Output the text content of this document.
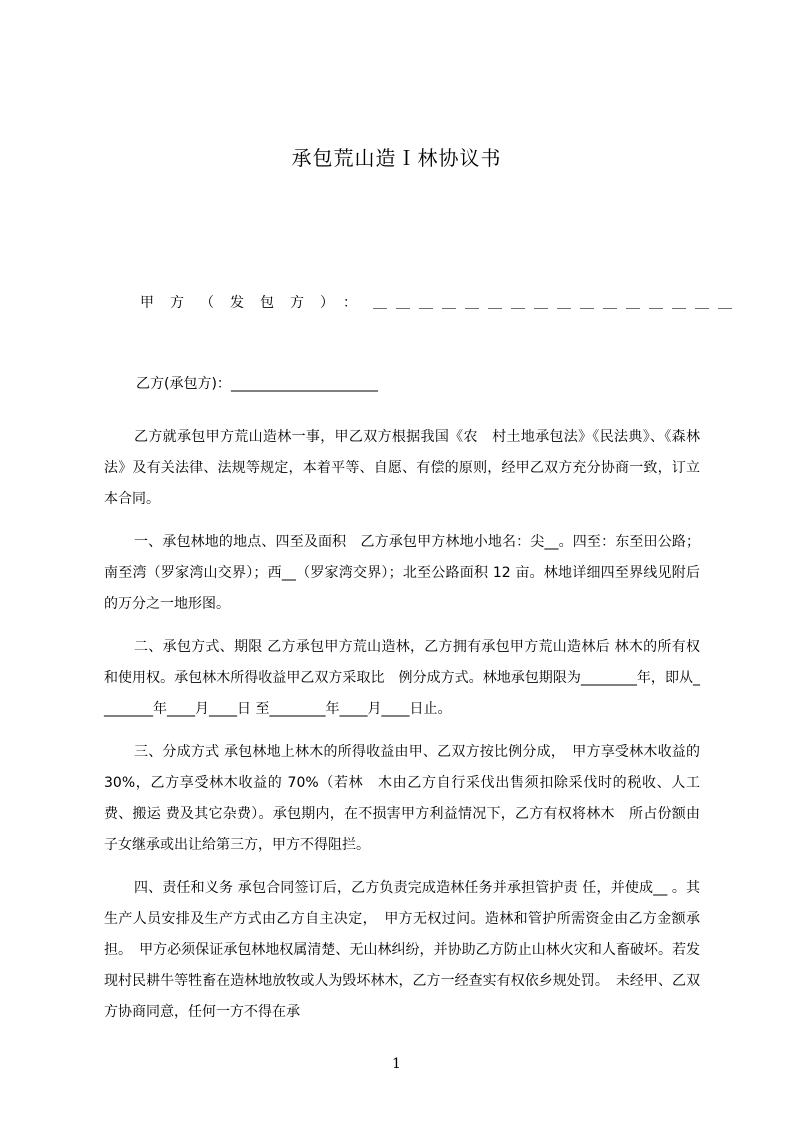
承包荒山造Ｉ林协议书
甲方（发包方）：＿＿＿＿＿＿＿＿＿＿＿＿＿＿＿＿
乙方(承包方)：_____________________

乙方就承包甲方荒山造林一事，甲乙双方根据我国《农　村土地承包法》《民法典》、《森林法》及有关法律、法规等规定，本着平等、自愿、有偿的原则，经甲乙双方充分协商一致，订立本合同。

一、承包林地的地点、四至及面积　乙方承包甲方林地小地名：尖__。四至：东至田公路；南至湾（罗家湾山交界）；西__（罗家湾交界）；北至公路面积 12 亩。林地详细四至界线见附后的万分之一地形图。

二、承包方式、期限 乙方承包甲方荒山造林，乙方拥有承包甲方荒山造林后 林木的所有权和使用权。承包林木所得收益甲乙双方采取比　例分成方式。林地承包期限为________年，即从________年____月____日 至________年____月____日止。

三、分成方式 承包林地上林木的所得收益由甲、乙双方按比例分成，　甲方享受林木收益的 30%，乙方享受林木收益的 70%（若林　木由乙方自行采伐出售须扣除采伐时的税收、人工费、搬运 费及其它杂费）。承包期内，在不损害甲方利益情况下，乙方有权将林木　所占份额由子女继承或出让给第三方，甲方不得阻拦。

四、责任和义务 承包合同签订后，乙方负责完成造林任务并承担管护责 任，并使成__ 。其生产人员安排及生产方式由乙方自主决定，　甲方无权过问。造林和管护所需资金由乙方金额承担。　甲方必须保证承包林地权属清楚、无山林纠纷，并协助乙方防止山林火灾和人畜破坏。若发现村民耕牛等牲畜在造林地放牧或人为毁坏林木，乙方一经查实有权依乡规处罚。　未经甲、乙双方协商同意，任何一方不得在承

1
